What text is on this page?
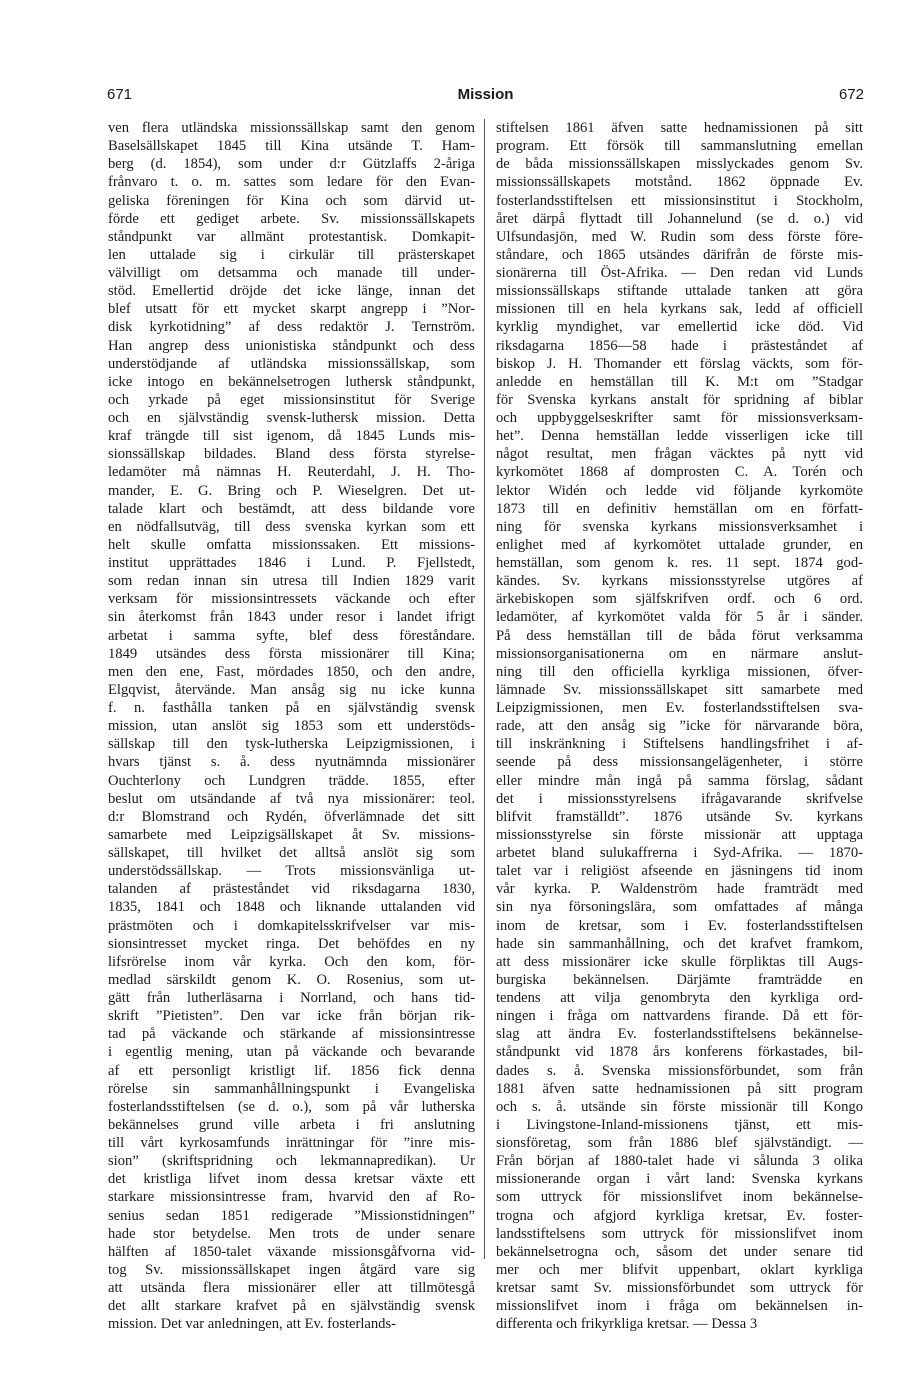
671	Mission	672
ven flera utländska missionssällskap samt den genom
Baselsällskapet 1845 till Kina utsände T. Ham-
berg (d. 1854), som under d:r Gützlaffs 2-åriga
frånvaro t. o. m. sattes som ledare för den Evan-
geliska föreningen för Kina och som därvid ut-
förde ett gediget arbete. Sv. missionssällskapets
ståndpunkt var allmänt protestantisk. Domkapit-
len uttalade sig i cirkulär till prästerskapet
välvilligt om detsamma och manade till under-
stöd. Emellertid dröjde det icke länge, innan det
blef utsatt för ett mycket skarpt angrepp i ”Nor-
disk kyrkotidning” af dess redaktör J. Ternström.
Han angrep dess unionistiska ståndpunkt och dess
understödjande af utländska missionssällskap, som
icke intogo en bekännelsetrogen luthersk ståndpunkt,
och yrkade på eget missionsinstitut för Sverige
och en självständig svensk-luthersk mission. Detta
kraf trängde till sist igenom, då 1845 Lunds mis-
sionssällskap bildades. Bland dess första styrelse-
ledamöter må nämnas H. Reuterdahl, J. H. Tho-
mander, E. G. Bring och P. Wieselgren. Det ut-
talade klart och bestämdt, att dess bildande vore
en nödfallsutväg, till dess svenska kyrkan som ett
helt skulle omfatta missionssaken. Ett missions-
institut upprättades 1846 i Lund. P. Fjellstedt,
som redan innan sin utresa till Indien 1829 varit
verksam för missionsintressets väckande och efter
sin återkomst från 1843 under resor i landet ifrigt
arbetat i samma syfte, blef dess föreståndare.
1849 utsändes dess första missionärer till Kina;
men den ene, Fast, mördades 1850, och den andre,
Elgqvist, återvände. Man ansåg sig nu icke kunna
f. n. fasthålla tanken på en självständig svensk
mission, utan anslöt sig 1853 som ett understöds-
sällskap till den tysk-lutherska Leipzigmissionen, i
hvars tjänst s. å. dess nyutnämnda missionärer
Ouchterlony och Lundgren trädde. 1855, efter
beslut om utsändande af två nya missionärer: teol.
d:r Blomstrand och Rydén, öfverlämnade det sitt
samarbete med Leipzigsällskapet åt Sv. missions-
sällskapet, till hvilket det alltså anslöt sig som
understödssällskap. — Trots missionsvänliga ut-
talanden af prästeståndet vid riksdagarna 1830,
1835, 1841 och 1848 och liknande uttalanden vid
prästmöten och i domkapitelsskrifvelser var mis-
sionsintresset mycket ringa. Det behöfdes en ny
lifsrörelse inom vår kyrka. Och den kom, för-
medlad särskildt genom K. O. Rosenius, som ut-
gätt från lutherläsarna i Norrland, och hans tid-
skrift ”Pietisten”. Den var icke från början rik-
tad på väckande och stärkande af missionsintresse
i egentlig mening, utan på väckande och bevarande
af ett personligt kristligt lif. 1856 fick denna
rörelse sin sammanhållningspunkt i Evangeliska
fosterlandsstiftelsen (se d. o.), som på vår lutherska
bekännelses grund ville arbeta i fri anslutning
till vårt kyrkosamfunds inrättningar för ”inre mis-
sion” (skriftspridning och lekmannapredikan). Ur
det kristliga lifvet inom dessa kretsar växte ett
starkare missionsintresse fram, hvarvid den af Ro-
senius sedan 1851 redigerade ”Missionstidningen”
hade stor betydelse. Men trots de under senare
hälften af 1850-talet växande missionsgåfvorna vid-
tog Sv. missionssällskapet ingen åtgärd vare sig
att utsända flera missionärer eller att tillmötesgå
det allt starkare krafvet på en självständig svensk
mission. Det var anledningen, att Ev. fosterlands-
stiftelsen 1861 äfven satte hednamissionen på sitt
program. Ett försök till sammanslutning emellan
de båda missionssällskapen misslyckades genom Sv.
missionssällskapets motstånd. 1862 öppnade Ev.
fosterlandsstiftelsen ett missionsinstitut i Stockholm,
året därpå flyttadt till Johannelund (se d. o.) vid
Ulfsundasjön, med W. Rudin som dess förste före-
ståndare, och 1865 utsändes därifrån de förste mis-
sionärerna till Öst-Afrika. — Den redan vid Lunds
missionssällskaps stiftande uttalade tanken att göra
missionen till en hela kyrkans sak, ledd af officiell
kyrklig myndighet, var emellertid icke död. Vid
riksdagarna 1856—58 hade i prästeståndet af
biskop J. H. Thomander ett förslag väckts, som för-
anledde en hemställan till K. M:t om ”Stadgar
för Svenska kyrkans anstalt för spridning af biblar
och uppbyggelseskrifter samt för missionsverksam-
het”. Denna hemställan ledde visserligen icke till
något resultat, men frågan väcktes på nytt vid
kyrkomötet 1868 af domprosten C. A. Torén och
lektor Widén och ledde vid följande kyrkomöte
1873 till en definitiv hemställan om en författ-
ning för svenska kyrkans missionsverksamhet i
enlighet med af kyrkomötet uttalade grunder, en
hemställan, som genom k. res. 11 sept. 1874 god-
kändes. Sv. kyrkans missionsstyrelse utgöres af
ärkebiskopen som själfskrifven ordf. och 6 ord.
ledamöter, af kyrkomötet valda för 5 år i sänder.
På dess hemställan till de båda förut verksamma
missionsorganisationerna om en närmare anslut-
ning till den officiella kyrkliga missionen, öfver-
lämnade Sv. missionssällskapet sitt samarbete med
Leipzigmissionen, men Ev. fosterlandsstiftelsen sva-
rade, att den ansåg sig ”icke för närvarande böra,
till inskränkning i Stiftelsens handlingsfrihet i af-
seende på dess missionsangelägenheter, i större
eller mindre mån ingå på samma förslag, sådant
det i missionsstyrelsens ifrågavarande skrifvelse
blifvit framställdt”. 1876 utsände Sv. kyrkans
missionsstyrelse sin förste missionär att upptaga
arbetet bland sulukaffrerna i Syd-Afrika. — 1870-
talet var i religiöst afseende en jäsningens tid inom
vår kyrka. P. Waldenström hade framträdt med
sin nya försoningslära, som omfattades af många
inom de kretsar, som i Ev. fosterlandsstiftelsen
hade sin sammanhållning, och det krafvet framkom,
att dess missionärer icke skulle förpliktas till Augs-
burgiska bekännelsen. Därjämte framträdde en
tendens att vilja genombryta den kyrkliga ord-
ningen i fråga om nattvardens firande. Då ett för-
slag att ändra Ev. fosterlandsstiftelsens bekännelse-
ståndpunkt vid 1878 års konferens förkastades, bil-
dades s. å. Svenska missionsförbundet, som från
1881 äfven satte hednamissionen på sitt program
och s. å. utsände sin förste missionär till Kongo
i Livingstone-Inland-missionens tjänst, ett mis-
sionsföretag, som från 1886 blef självständigt. —
Från början af 1880-talet hade vi sålunda 3 olika
missionerande organ i vårt land: Svenska kyrkans
som uttryck för missionslifvet inom bekännelse-
trogna och afgjord kyrkliga kretsar, Ev. foster-
landsstiftelsens som uttryck för missionslifvet inom
bekännelsetrogna och, såsom det under senare tid
mer och mer blifvit uppenbart, oklart kyrkliga
kretsar samt Sv. missionsförbundet som uttryck för
missionslifvet inom i fråga om bekännelsen in-
differenta och frikyrkliga kretsar. — Dessa 3
